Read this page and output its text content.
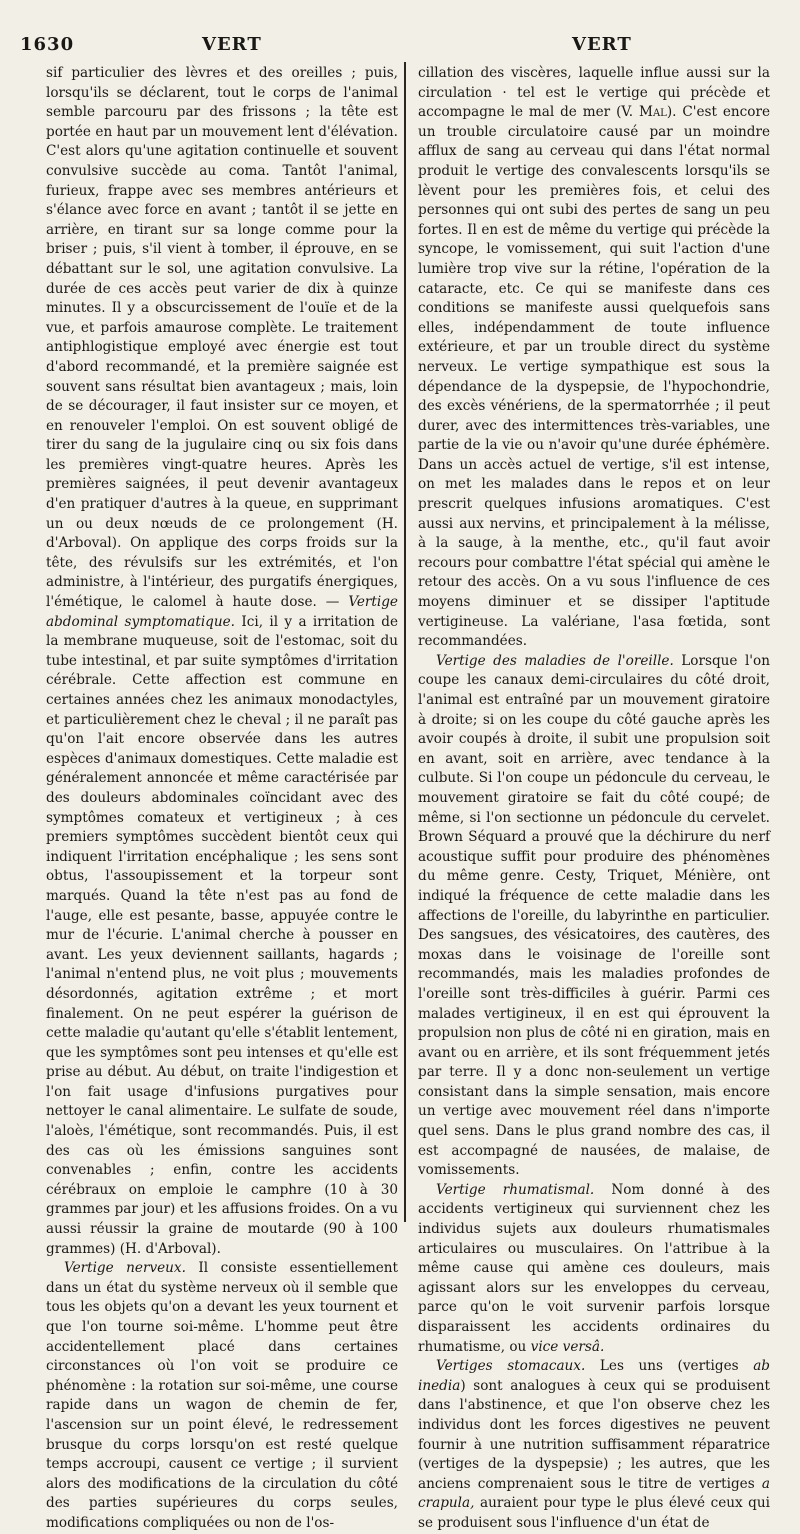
1630	VERT	VERT

sif particulier des lèvres et des oreilles ; puis, lorsqu'ils se déclarent, tout le corps de l'animal semble parcouru par des frissons ; la tête est portée en haut par un mouvement lent d'élévation. C'est alors qu'une agitation continuelle et souvent convulsive succède au coma. Tantôt l'animal, furieux, frappe avec ses membres antérieurs et s'élance avec force en avant ; tantôt il se jette en arrière, en tirant sur sa longe comme pour la briser ; puis, s'il vient à tomber, il éprouve, en se débattant sur le sol, une agitation convulsive. La durée de ces accès peut varier de dix à quinze minutes. Il y a obscurcissement de l'ouïe et de la vue, et parfois amaurose complète. Le traitement antiphlogistique employé avec énergie est tout d'abord recommandé, et la première saignée est souvent sans résultat bien avantageux ; mais, loin de se décourager, il faut insister sur ce moyen, et en renouveler l'emploi. On est souvent obligé de tirer du sang de la jugulaire cinq ou six fois dans les premières vingt-quatre heures. Après les premières saignées, il peut devenir avantageux d'en pratiquer d'autres à la queue, en supprimant un ou deux nœuds de ce prolongement (H. d'Arboval). On applique des corps froids sur la tête, des révulsifs sur les extrémités, et l'on administre, à l'intérieur, des purgatifs énergiques, l'émétique, le calomel à haute dose. — Vertige abdominal symptomatique. Ici, il y a irritation de la membrane muqueuse, soit de l'estomac, soit du tube intestinal, et par suite symptômes d'irritation cérébrale. Cette affection est commune en certaines années chez les animaux monodactyles, et particulièrement chez le cheval ; il ne paraît pas qu'on l'ait encore observée dans les autres espèces d'animaux domestiques. Cette maladie est généralement annoncée et même caractérisée par des douleurs abdominales coïncidant avec des symptômes comateux et vertigineux ; à ces premiers symptômes succèdent bientôt ceux qui indiquent l'irritation encéphalique ; les sens sont obtus, l'assoupissement et la torpeur sont marqués. Quand la tête n'est pas au fond de l'auge, elle est pesante, basse, appuyée contre le mur de l'écurie. L'animal cherche à pousser en avant. Les yeux deviennent saillants, hagards ; l'animal n'entend plus, ne voit plus ; mouvements désordonnés, agitation extrême ; et mort finalement. On ne peut espérer la guérison de cette maladie qu'autant qu'elle s'établit lentement, que les symptômes sont peu intenses et qu'elle est prise au début. Au début, on traite l'indigestion et l'on fait usage d'infusions purgatives pour nettoyer le canal alimentaire. Le sulfate de soude, l'aloès, l'émétique, sont recommandés. Puis, il est des cas où les émissions sanguines sont convenables ; enfin, contre les accidents cérébraux on emploie le camphre (10 à 30 grammes par jour) et les affusions froides. On a vu aussi réussir la graine de moutarde (90 à 100 grammes) (H. d'Arboval).

Vertige nerveux. Il consiste essentiellement dans un état du système nerveux où il semble que tous les objets qu'on a devant les yeux tournent et que l'on tourne soi-même. L'homme peut être accidentellement placé dans certaines circonstances où l'on voit se produire ce phénomène : la rotation sur soi-même, une course rapide dans un wagon de chemin de fer, l'ascension sur un point élevé, le redressement brusque du corps lorsqu'on est resté quelque temps accroupi, causent ce vertige ; il survient alors des modifications de la circulation du côté des parties supérieures du corps seules, modifications compliquées ou non de l'os-

cillation des viscères, laquelle influe aussi sur la circulation · tel est le vertige qui précède et accompagne le mal de mer (V. Mal). C'est encore un trouble circulatoire causé par un moindre afflux de sang au cerveau qui dans l'état normal produit le vertige des convalescents lorsqu'ils se lèvent pour les premières fois, et celui des personnes qui ont subi des pertes de sang un peu fortes. Il en est de même du vertige qui précède la syncope, le vomissement, qui suit l'action d'une lumière trop vive sur la rétine, l'opération de la cataracte, etc. Ce qui se manifeste dans ces conditions se manifeste aussi quelquefois sans elles, indépendamment de toute influence extérieure, et par un trouble direct du système nerveux. Le vertige sympathique est sous la dépendance de la dyspepsie, de l'hypochondrie, des excès vénériens, de la spermatorrhée ; il peut durer, avec des intermittences très-variables, une partie de la vie ou n'avoir qu'une durée éphémère. Dans un accès actuel de vertige, s'il est intense, on met les malades dans le repos et on leur prescrit quelques infusions aromatiques. C'est aussi aux nervins, et principalement à la mélisse, à la sauge, à la menthe, etc., qu'il faut avoir recours pour combattre l'état spécial qui amène le retour des accès. On a vu sous l'influence de ces moyens diminuer et se dissiper l'aptitude vertigineuse. La valériane, l'asa fœtida, sont recommandées.

Vertige des maladies de l'oreille. Lorsque l'on coupe les canaux demi-circulaires du côté droit, l'animal est entraîné par un mouvement giratoire à droite; si on les coupe du côté gauche après les avoir coupés à droite, il subit une propulsion soit en avant, soit en arrière, avec tendance à la culbute. Si l'on coupe un pédoncule du cerveau, le mouvement giratoire se fait du côté coupé; de même, si l'on sectionne un pédoncule du cervelet. Brown Séquard a prouvé que la déchirure du nerf acoustique suffit pour produire des phénomènes du même genre. Cesty, Triquet, Ménière, ont indiqué la fréquence de cette maladie dans les affections de l'oreille, du labyrinthe en particulier. Des sangsues, des vésicatoires, des cautères, des moxas dans le voisinage de l'oreille sont recommandés, mais les maladies profondes de l'oreille sont très-difficiles à guérir. Parmi ces malades vertigineux, il en est qui éprouvent la propulsion non plus de côté ni en giration, mais en avant ou en arrière, et ils sont fréquemment jetés par terre. Il y a donc non-seulement un vertige consistant dans la simple sensation, mais encore un vertige avec mouvement réel dans n'importe quel sens. Dans le plus grand nombre des cas, il est accompagné de nausées, de malaise, de vomissements.

Vertige rhumatismal. Nom donné à des accidents vertigineux qui surviennent chez les individus sujets aux douleurs rhumatismales articulaires ou musculaires. On l'attribue à la même cause qui amène ces douleurs, mais agissant alors sur les enveloppes du cerveau, parce qu'on le voit survenir parfois lorsque disparaissent les accidents ordinaires du rhumatisme, ou vice versâ.

Vertiges stomacaux. Les uns (vertiges ab inedia) sont analogues à ceux qui se produisent dans l'abstinence, et que l'on observe chez les individus dont les forces digestives ne peuvent fournir à une nutrition suffisamment réparatrice (vertiges de la dyspepsie) ; les autres, que les anciens comprenaient sous le titre de vertiges a crapula, auraient pour type le plus élevé ceux qui se produisent sous l'influence d'un état de
